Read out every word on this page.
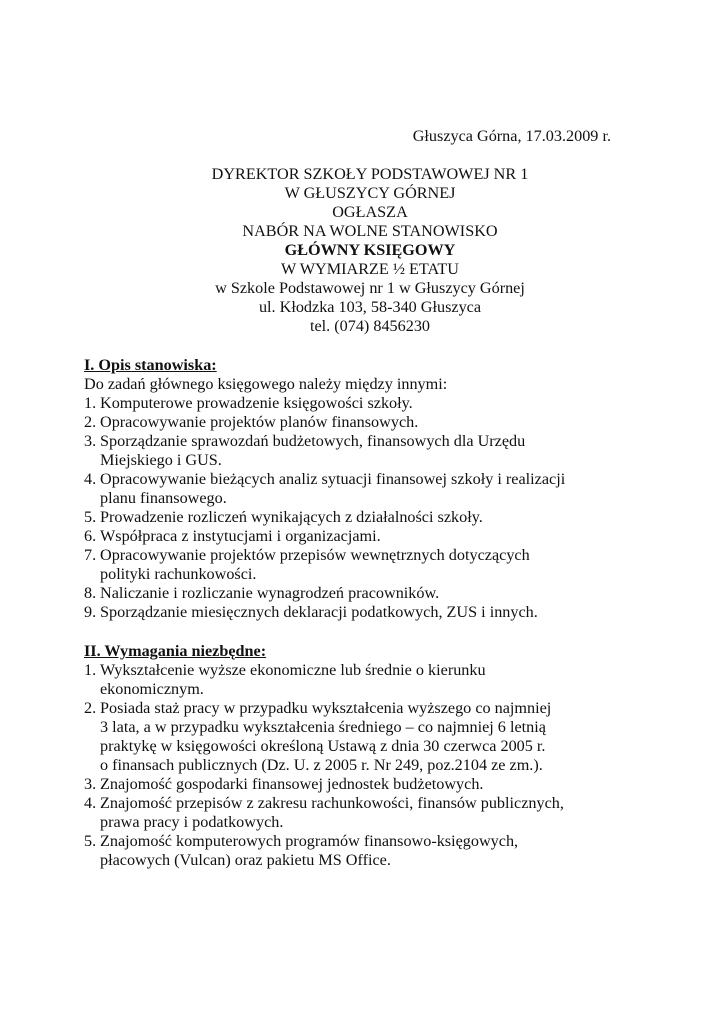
Głuszyca Górna, 17.03.2009 r.
DYREKTOR SZKOŁY PODSTAWOWEJ NR 1
W GŁUSZYCY GÓRNEJ
OGŁASZA
NABÓR NA WOLNE STANOWISKO
GŁÓWNY KSIĘGOWY
W WYMIARZE ½ ETATU
w Szkole Podstawowej nr 1 w Głuszycy Górnej
ul. Kłodzka 103, 58-340 Głuszyca
tel. (074) 8456230
I. Opis stanowiska:
Do zadań głównego księgowego należy między innymi:
1. Komputerowe prowadzenie księgowości szkoły.
2. Opracowywanie projektów planów finansowych.
3. Sporządzanie sprawozdań budżetowych, finansowych dla Urzędu
Miejskiego i GUS.
4. Opracowywanie bieżących analiz sytuacji finansowej szkoły i realizacji
planu finansowego.
5. Prowadzenie rozliczeń wynikających z działalności szkoły.
6. Współpraca z instytucjami i organizacjami.
7. Opracowywanie projektów przepisów wewnętrznych dotyczących
polityki rachunkowości.
8. Naliczanie i rozliczanie wynagrodzeń pracowników.
9. Sporządzanie miesięcznych deklaracji podatkowych, ZUS i innych.
II. Wymagania niezbędne:
1. Wykształcenie wyższe ekonomiczne lub średnie o kierunku
ekonomicznym.
2. Posiada staż pracy w przypadku wykształcenia wyższego co najmniej
3 lata, a w przypadku wykształcenia średniego – co najmniej 6 letnią
praktykę w księgowości określoną Ustawą z dnia 30 czerwca 2005 r.
o finansach publicznych (Dz. U. z 2005 r. Nr 249, poz.2104 ze zm.).
3. Znajomość gospodarki finansowej jednostek budżetowych.
4. Znajomość przepisów z zakresu rachunkowości, finansów publicznych,
prawa pracy i podatkowych.
5. Znajomość komputerowych programów finansowo-księgowych,
płacowych (Vulcan) oraz pakietu MS Office.
